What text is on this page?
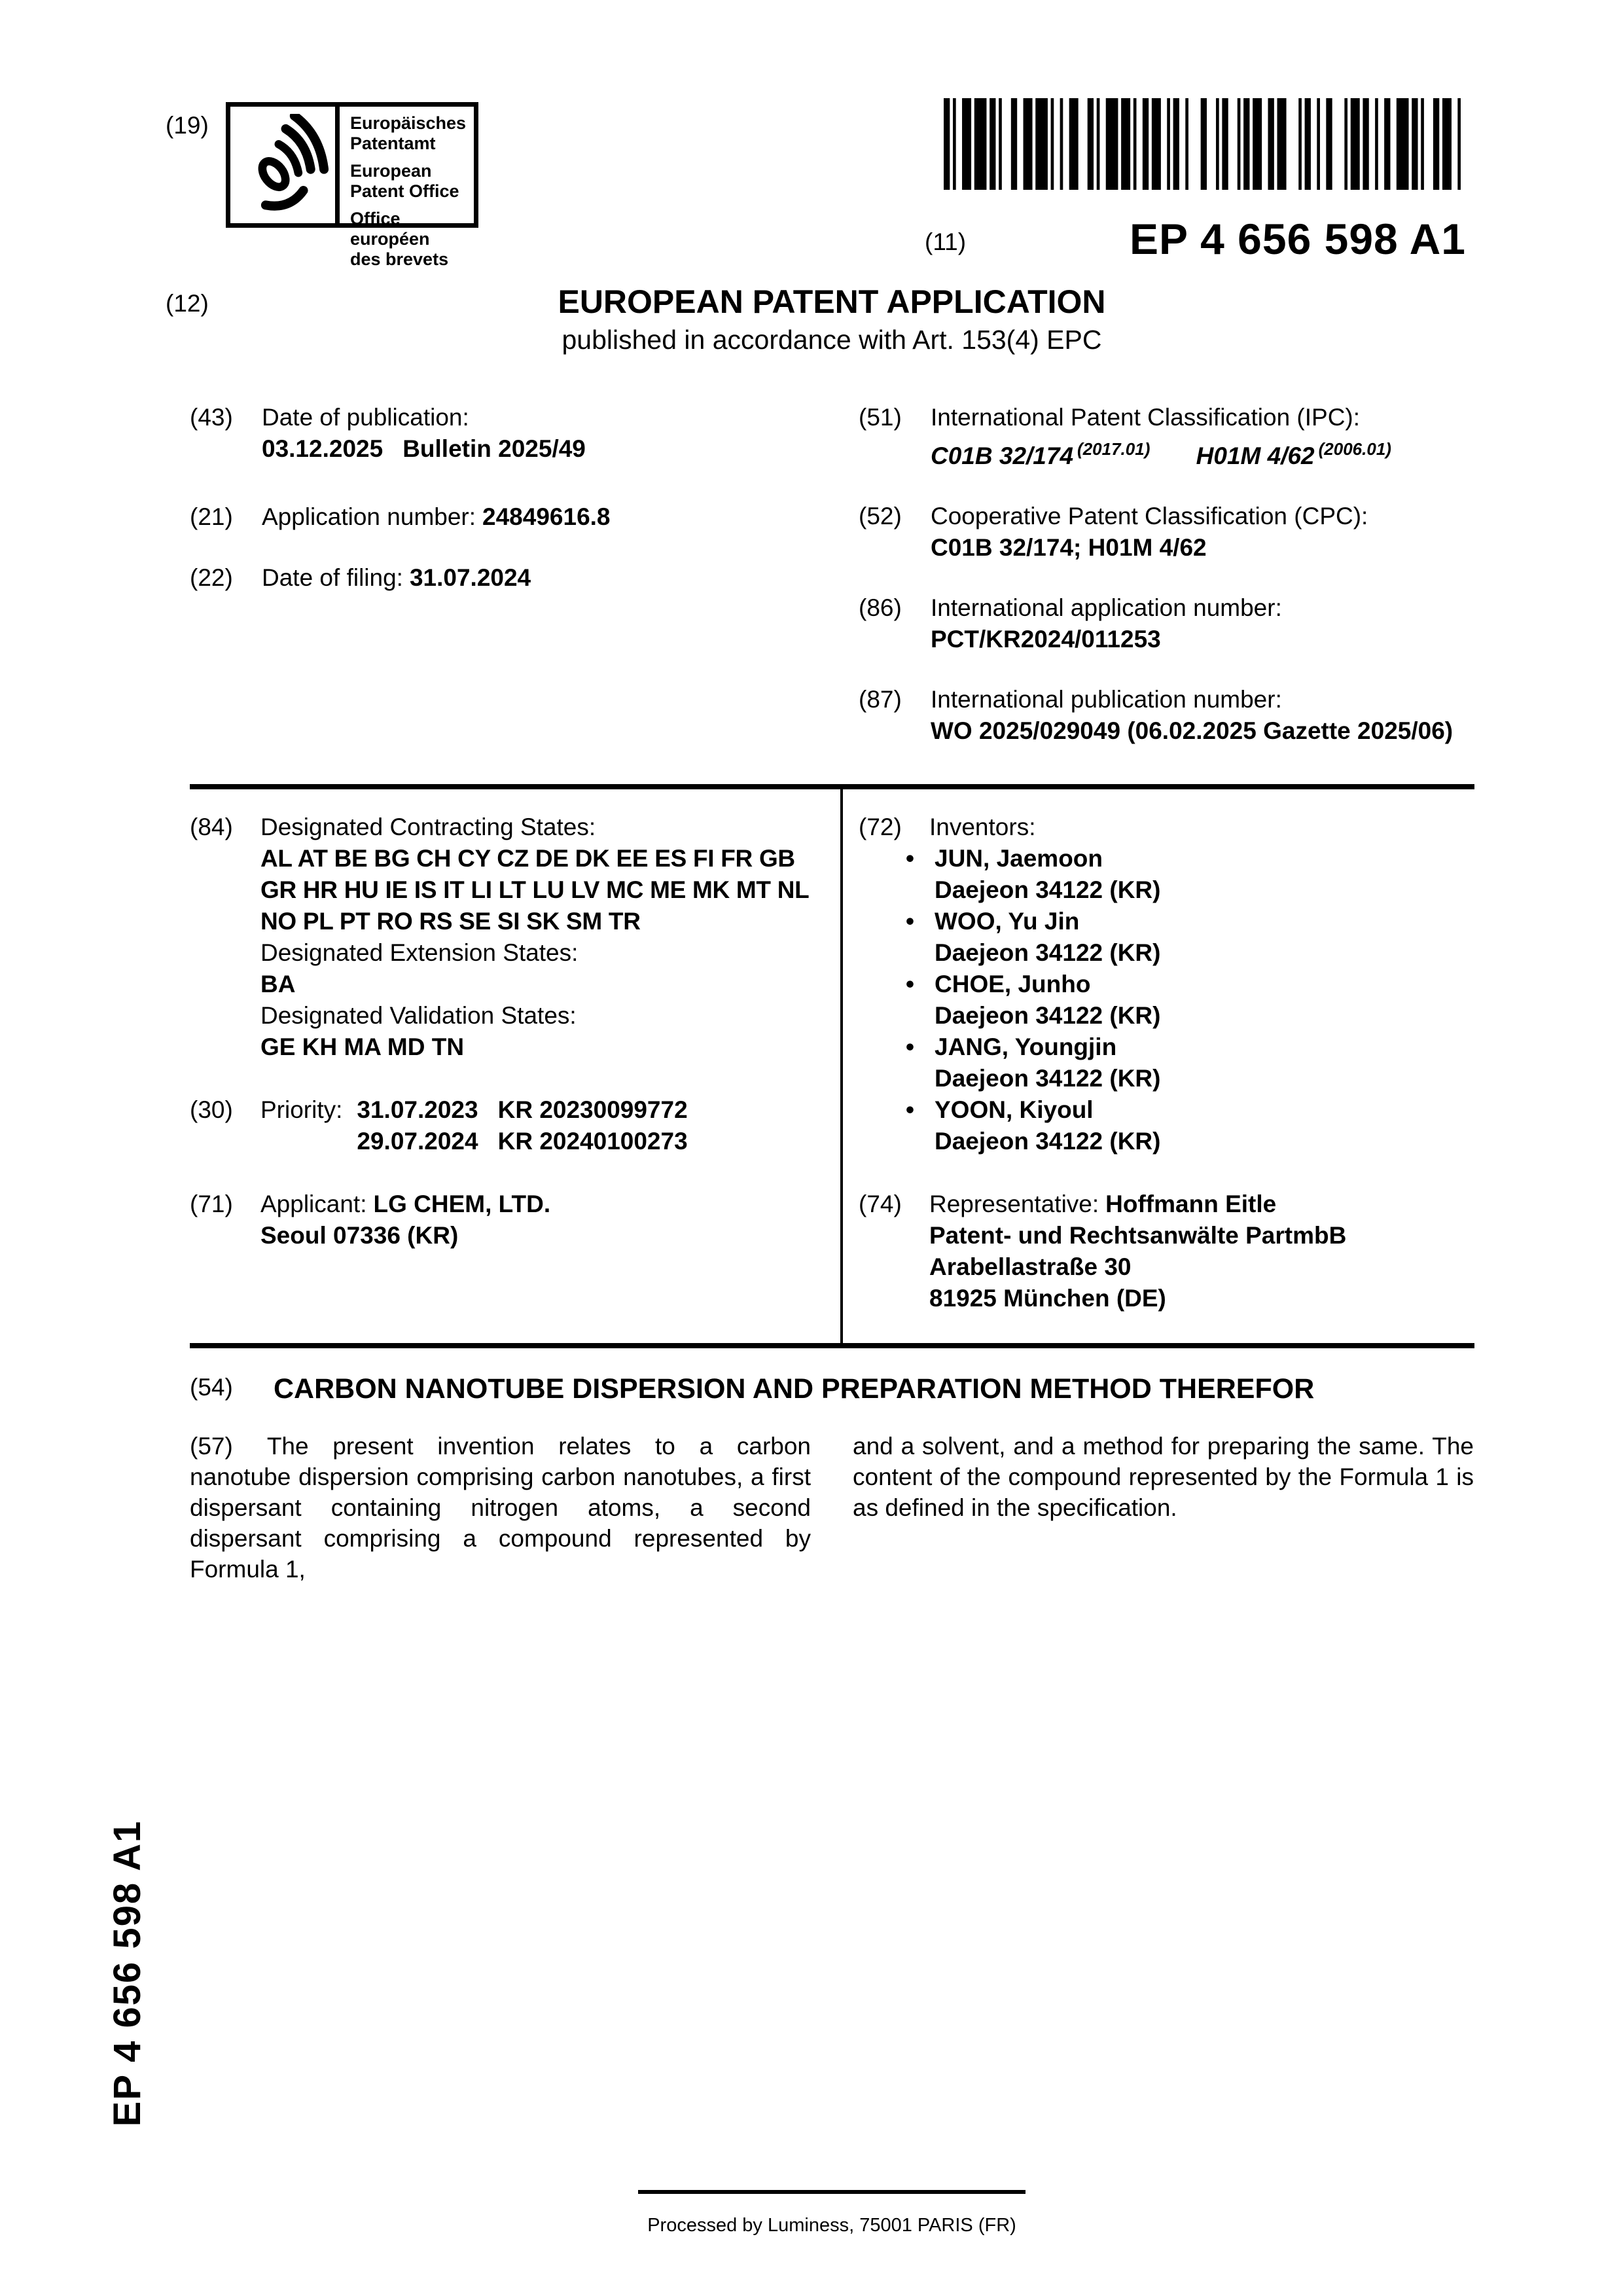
(19)	Europäisches
Patentamt
European
Patent Office
Office européen
des brevets
(11)	EP 4 656 598 A1
(12)	EUROPEAN PATENT APPLICATION
published in accordance with Art. 153(4) EPC
(43)	Date of publication:
03.12.2025 Bulletin 2025/49
(21)	Application number: 24849616.8
(22)	Date of filing: 31.07.2024
(51)	International Patent Classification (IPC):
C01B 32/174 $^{(2017.01)}$ H01M 4/62 $^{(2006.01)}$
(52)	Cooperative Patent Classification (CPC):
C01B 32/174; H01M 4/62
(86)	International application number:
PCT/KR2024/011253
(87)	International publication number:
WO 2025/029049 (06.02.2025 Gazette 2025/06)
(84)	Designated Contracting States:
AL AT BE BG CH CY CZ DE DK EE ES FI FR GB
GR HR HU IE IS IT LI LT LU LV MC ME MK MT NL
NO PL PT RO RS SE SI SK SM TR
Designated Extension States:
BA
Designated Validation States:
GE KH MA MD TN
(30)	Priority: 31.07.2023 KR 20230099772
29.07.2024 KR 20240100273
(71)	Applicant: LG CHEM, LTD.
Seoul 07336 (KR)
(72)	Inventors:
• JUN, Jaemoon
Daejeon 34122 (KR)
• WOO, Yu Jin
Daejeon 34122 (KR)
• CHOE, Junho
Daejeon 34122 (KR)
• JANG, Youngjin
Daejeon 34122 (KR)
• YOON, Kiyoul
Daejeon 34122 (KR)
(74)	Representative: Hoffmann Eitle
Patent- und Rechtsanwälte PartmbB
Arabellastraße 30
81925 München (DE)
(54)	CARBON NANOTUBE DISPERSION AND PREPARATION METHOD THEREFOR
(57) The present invention relates to a carbon nanotube dispersion comprising carbon nanotubes, a first dispersant containing nitrogen atoms, a second dispersant comprising a compound represented by Formula 1,
and a solvent, and a method for preparing the same. The content of the compound represented by the Formula 1 is as defined in the specification.
EP 4 656 598 A1
Processed by Luminess, 75001 PARIS (FR)
